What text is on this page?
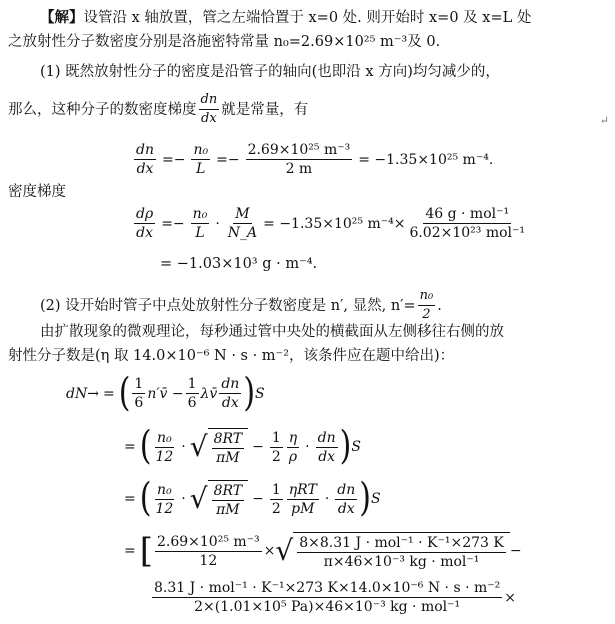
【解】设管沿 x 轴放置，管之左端恰置于 x=0 处. 则开始时 x=0 及 x=L 处
之放射性分子数密度分别是洛施密特常量 n₀=2.69×10²⁵ m⁻³及 0.
(1) 既然放射性分子的密度是沿管子的轴向(也即沿 x 方向)均匀减少的，
那么，这种分子的数密度梯度 $\frac{dn}{dx}$ 就是常量，有
↵
$\frac{dn}{dx} =- \frac{\text{n₀}}{L} =- \frac{\text{2.69×10²⁵ m⁻³}}{2 m} = -1.35\times 10^{25}$ m⁻⁴.
密度梯度
$\frac{d\rho}{dx} =- \frac{\text{n₀}}{L} \cdot \frac{M}{N\_A} = -1.35\times 10^{25}$ $m^{-4}\times \frac{\text{46 g · mol⁻¹}}{\text{6.02×10²³ mol⁻¹}}$
= −1.03×10³ g · m⁻⁴.
(2) 设开始时管子中点处放射性分子数密度是 n′, 显然, $n'= \frac{\text{n₀}}{2}$ .
由扩散现象的微观理论，每秒通过管中央处的横截面从左侧移往右侧的放
射性分子数是(η 取 14.0×10⁻⁶ N · s · m⁻²，该条件应在题中给出)：
dN→ = ( $\frac{1}{6}$ n′v̄ − $\frac{1}{6}$ λv̄ $\frac{dn}{dx}$ ) S
= ( $\frac{\text{n₀}}{12}$ · √ $\frac{8RT}{\pi M} - \frac{1}{2} \frac{\eta}{\rho} \cdot \frac{dn}{dx}$ ) S
= ( $\frac{\text{n₀}}{12}$ · √ $\frac{8RT}{\pi M} - \frac{1}{2} \frac{\text{ηRT}}{pM} \cdot \frac{dn}{dx}$ ) S
= [ $\frac{\text{2.69×10²⁵ m⁻³}}{12}$ × √ $\frac{\text{8×8.31 J · mol⁻¹ · K⁻¹×273 K}}{\text{π×46×10⁻³ kg · mol⁻¹}}$ −
$\frac{\text{8.31 J · mol⁻¹ · K⁻¹×273 K×14.0×10⁻⁶ N · s · m⁻²}}{\text{2×(1.01×10⁵ Pa)×46×10⁻³ kg · mol⁻¹}}$ ×
